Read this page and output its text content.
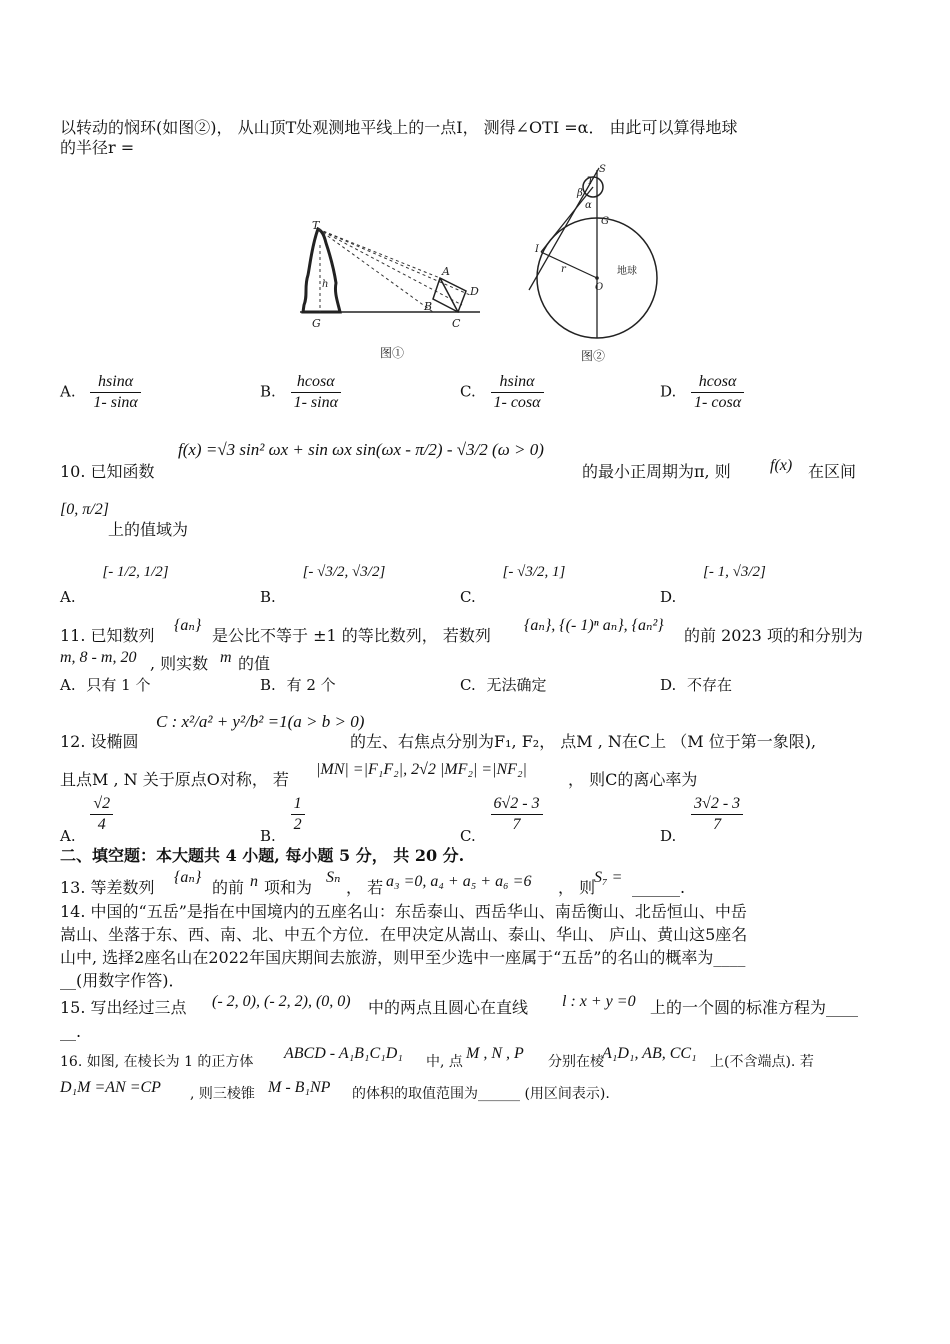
以转动的悯环(如图②)， 从山顶T处观测地平线上的一点I， 测得∠OTI =α． 由此可以算得地球
的半径r =
T
h
G
B
C
A
D
图①
S
T
β
α
G
I
r
O
地球
图②
A. $\frac{hsin\alpha}{1- \sin\alpha}$	B. $\frac{hcos\alpha}{1- \sin\alpha}$	C. $\frac{hsin\alpha}{1- \cos\alpha}$	D. $\frac{hcos\alpha}{1- \cos\alpha}$
10. 已知函数
f(x) =√3 sin² ωx + sin ωx sin(ωx - π/2) - √3/2 (ω > 0)
的最小正周期为π, 则 f(x) 在区间
[0, π/2]
上的值域为
A. [- 1/2, 1/2]
B. [- √3/2, √3/2]
C. [- √3/2, 1]
D. [- 1, √3/2]
11. 已知数列
{aₙ}
是公比不等于 ±1 的等比数列， 若数列
{aₙ}, {(- 1)ⁿ aₙ}, {aₙ²}
的前 2023 项的和分别为
m, 8 - m, 20 , 则实数 m 的值
A. 只有 1 个	B. 有 2 个	C. 无法确定	D. 不存在
12. 设椭圆
C : x²/a² + y²/b² =1(a > b > 0)
的左、右焦点分别为F₁, F₂， 点M , N在C上 （M 位于第一象限),
且点M , N 关于原点O对称， 若
|MN| =|F₁F₂|, 2√2 |MF₂| =|NF₂|
， 则C的离心率为
A.
$\frac{√2}{4}$
B.
$\frac{1}{2}$
C.
$\frac{6√2 - 3}{7}$
D.
$\frac{3√2 - 3}{7}$
二、填空题：本大题共 4 小题, 每小题 5 分， 共 20 分.
13. 等差数列
{aₙ}
的前 n 项和为
Sₙ
， 若 a₃ =0, a₄ + a₅ + a₆ =6 ， 则
S₇ =
______.
14. 中国的“五岳”是指在中国境内的五座名山：东岳泰山、西岳华山、南岳衡山、北岳恒山、中岳
嵩山、坐落于东、西、南、北、中五个方位．在甲决定从嵩山、泰山、华山、 庐山、黄山这5座名
山中, 选择2座名山在2022年国庆期间去旅游，则甲至少选中一座属于“五岳”的名山的概率为____
__(用数字作答)．
15. 写出经过三点 (- 2, 0), (- 2, 2), (0, 0) 中的两点且圆心在直线 l : x + y =0 上的一个圆的标准方程为____
__.
16. 如图, 在棱长为 1 的正方体 ABCD - A₁B₁C₁D₁ 中, 点 M , N , P 分别在棱
A₁D₁, AB, CC₁ 上(不含端点). 若
D₁M =AN =CP , 则三棱锥 M - B₁NP 的体积的取值范围为______ (用区间表示).
